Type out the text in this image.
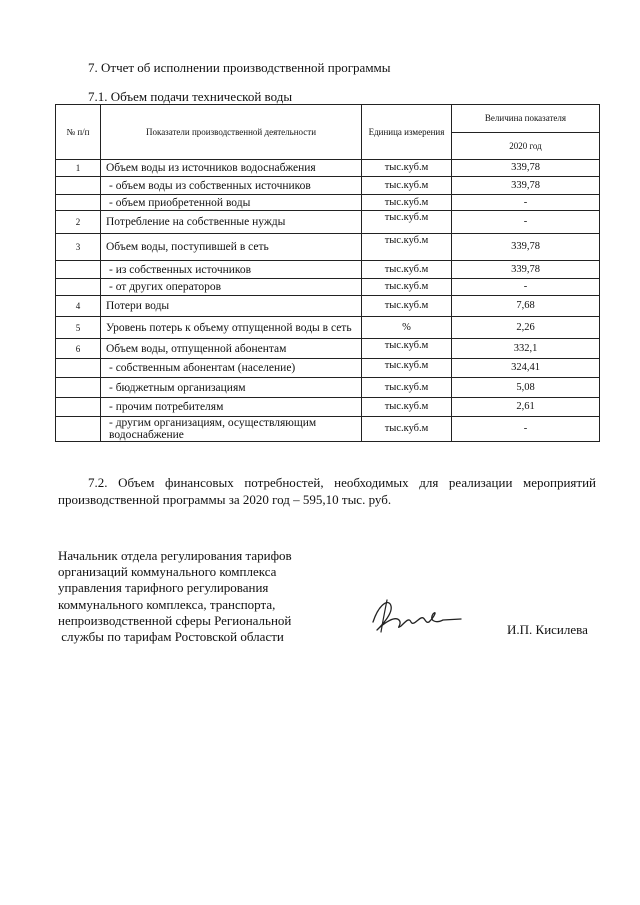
7. Отчет об исполнении производственной программы
7.1. Объем подачи технической воды
№ п/п	Показатели производственной деятельности	Единица измерения	Величина показателя
			2020 год
1	Объем воды из источников водоснабжения	тыс.куб.м	339,78
	- объем воды из собственных источников	тыс.куб.м	339,78
	- объем приобретенной воды	тыс.куб.м	-
2	Потребление на собственные нужды	тыс.куб.м	-
3	Объем воды, поступившей в сеть	тыс.куб.м	339,78
	- из собственных источников	тыс.куб.м	339,78
	- от других операторов	тыс.куб.м	-
4	Потери воды	тыс.куб.м	7,68
5	Уровень потерь к объему отпущенной воды в сеть	%	2,26
6	Объем воды, отпущенной абонентам	тыс.куб.м	332,1
	- собственным абонентам (население)	тыс.куб.м	324,41
	- бюджетным организациям	тыс.куб.м	5,08
	- прочим потребителям	тыс.куб.м	2,61
	- другим организациям, осуществляющим водоснабжение	тыс.куб.м	-
7.2. Объем финансовых потребностей, необходимых для реализации мероприятий производственной программы за 2020 год – 595,10 тыс. руб.
Начальник отдела регулирования тарифов
организаций коммунального комплекса
управления тарифного регулирования
коммунального комплекса, транспорта,
непроизводственной сферы Региональной
службы по тарифам Ростовской области	И.П. Кисилева
